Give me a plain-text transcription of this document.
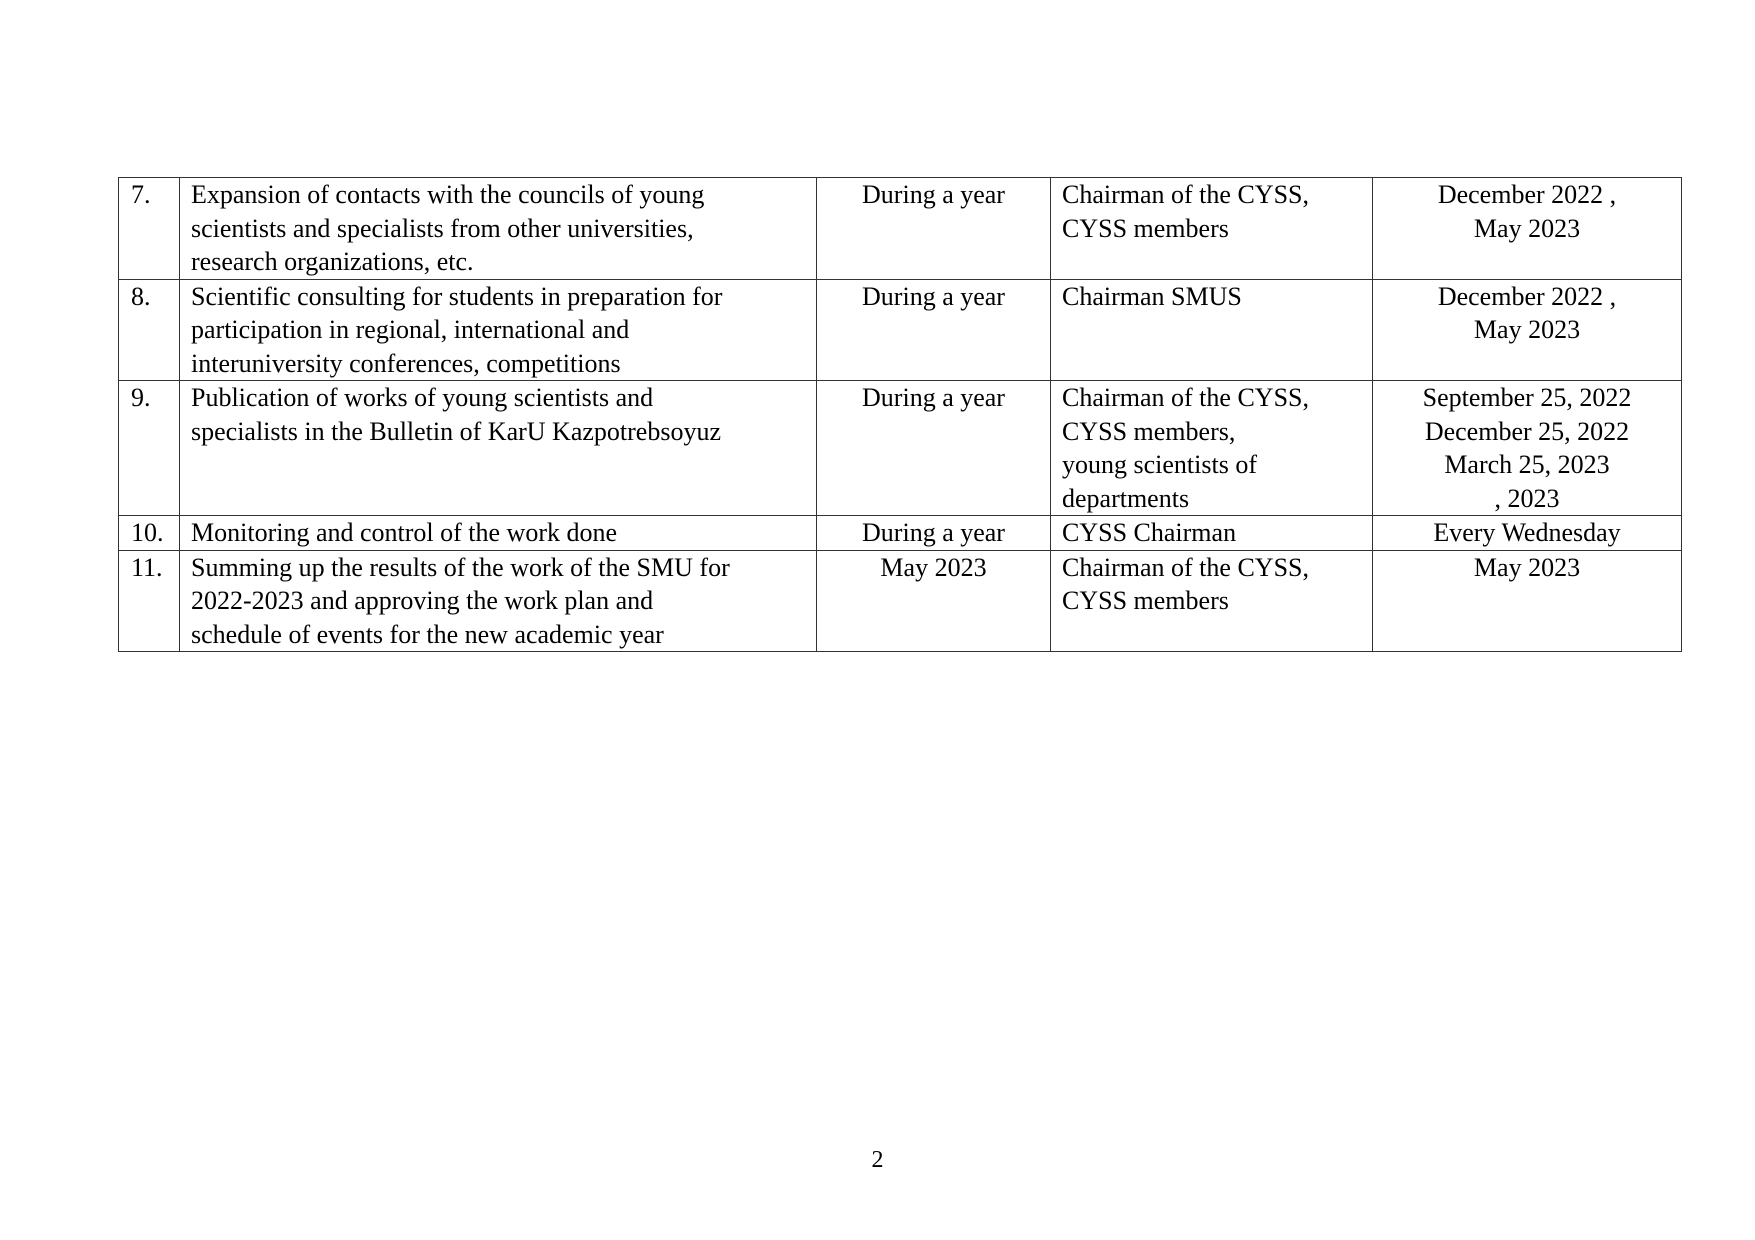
7.	Expansion of contacts with the councils of young
scientists and specialists from other universities,
research organizations, etc.	During a year	Chairman of the CYSS,
CYSS members	December 2022 ,
May 2023

8.	Scientific consulting for students in preparation for
participation in regional, international and
interuniversity conferences, competitions	During a year	Chairman SMUS	December 2022 ,
May 2023

9.	Publication of works of young scientists and
specialists in the Bulletin of KarU Kazpotrebsoyuz	During a year	Chairman of the CYSS,
CYSS members,
young scientists of
departments	September 25, 2022
December 25, 2022
March 25, 2023
, 2023

10.	Monitoring and control of the work done	During a year	CYSS Chairman	Every Wednesday

11.	Summing up the results of the work of the SMU for
2022-2023 and approving the work plan and
schedule of events for the new academic year	May 2023	Chairman of the CYSS,
CYSS members	May 2023
2
